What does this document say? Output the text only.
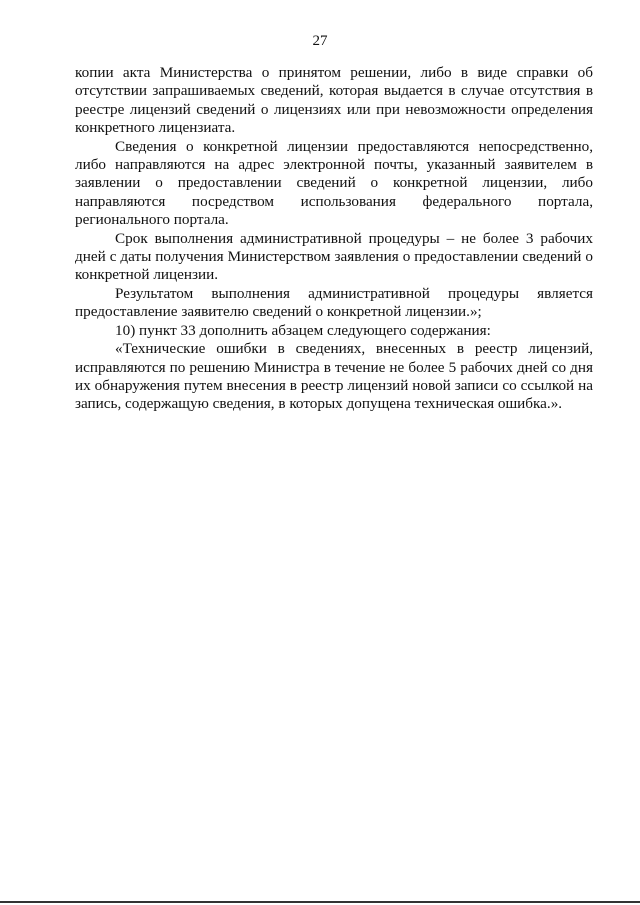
27

копии акта Министерства о принятом решении, либо в виде справки об отсутствии запрашиваемых сведений, которая выдается в случае отсутствия в реестре лицензий сведений о лицензиях или при невозможности определения конкретного лицензиата.

Сведения о конкретной лицензии предоставляются непосредственно, либо направляются на адрес электронной почты, указанный заявителем в заявлении о предоставлении сведений о конкретной лицензии, либо направляются посредством использования федерального портала, регионального портала.

Срок выполнения административной процедуры – не более 3 рабочих дней с даты получения Министерством заявления о предоставлении сведений о конкретной лицензии.

Результатом выполнения административной процедуры является предоставление заявителю сведений о конкретной лицензии.»;

10) пункт 33 дополнить абзацем следующего содержания:

«Технические ошибки в сведениях, внесенных в реестр лицензий, исправляются по решению Министра в течение не более 5 рабочих дней со дня их обнаружения путем внесения в реестр лицензий новой записи со ссылкой на запись, содержащую сведения, в которых допущена техническая ошибка.».
